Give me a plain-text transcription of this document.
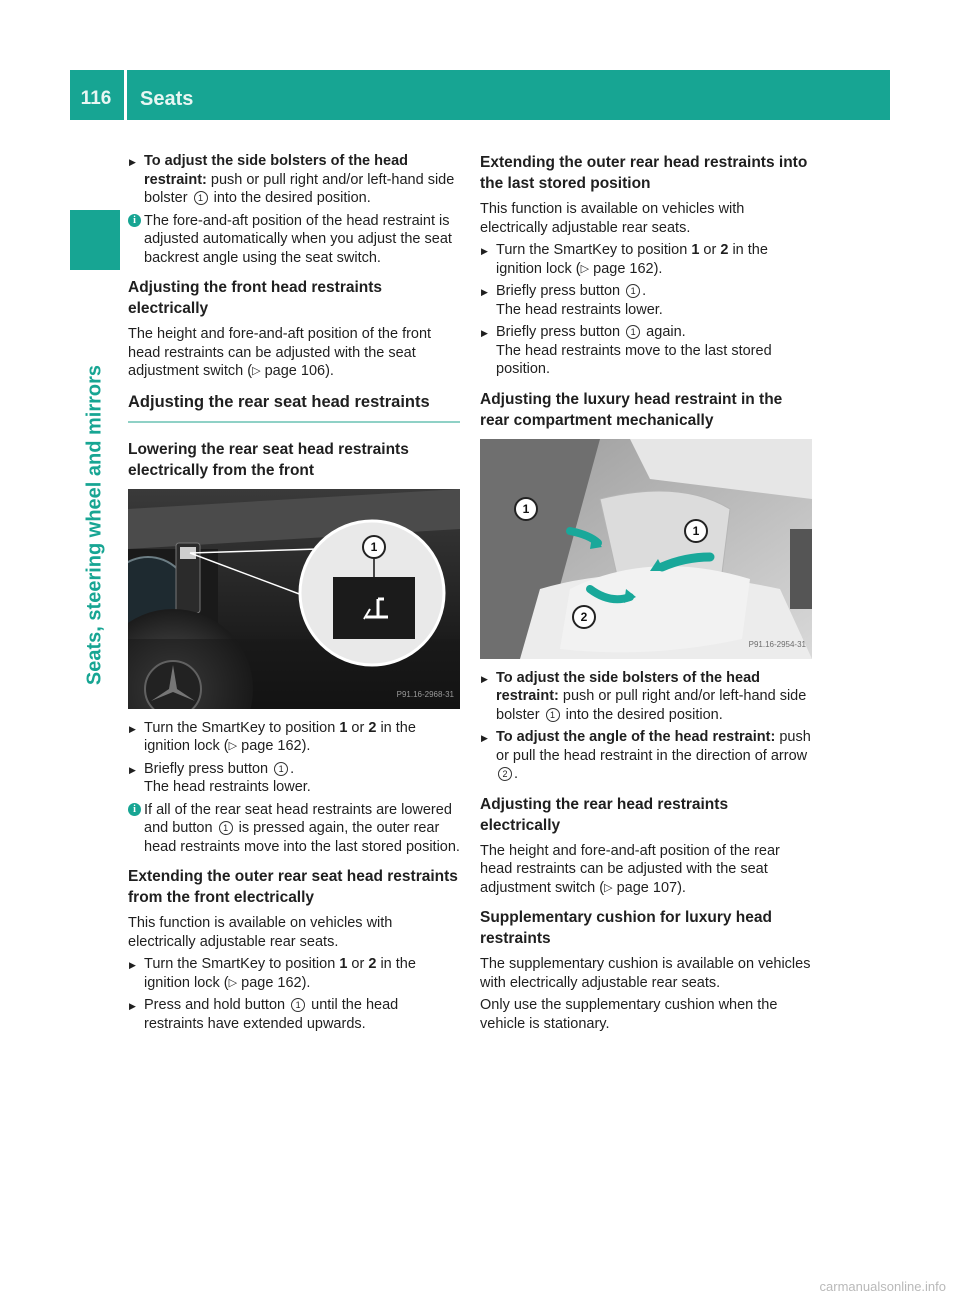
116	Seats
Seats, steering wheel and mirrors
▶ To adjust the side bolsters of the head restraint: push or pull right and/or left-hand side bolster 1 into the desired position.
i The fore-and-aft position of the head restraint is adjusted automatically when you adjust the seat backrest angle using the seat switch.
Adjusting the front head restraints electrically

The height and fore-and-aft position of the front head restraints can be adjusted with the seat adjustment switch (▷ page 106).

Adjusting the rear seat head restraints
Lowering the rear seat head restraints electrically from the front
1
P91.16-2968-31
▶ Turn the SmartKey to position 1 or 2 in the ignition lock (▷ page 162).
▶ Briefly press button 1 .
The head restraints lower.
i If all of the rear seat head restraints are lowered and button 1 is pressed again, the outer rear head restraints move into the last stored position.
Extending the outer rear seat head restraints from the front electrically

This function is available on vehicles with electrically adjustable rear seats.

▶ Turn the SmartKey to position 1 or 2 in the ignition lock (▷ page 162).
▶ Press and hold button 1 until the head restraints have extended upwards.
Extending the outer rear head restraints into the last stored position

This function is available on vehicles with electrically adjustable rear seats.

▶ Turn the SmartKey to position 1 or 2 in the ignition lock (▷ page 162).
▶ Briefly press button 1 .
The head restraints lower.
▶ Briefly press button 1 again.
The head restraints move to the last stored position.
Adjusting the luxury head restraint in the rear compartment mechanically
1
1
2
P91.16-2954-31
▶ To adjust the side bolsters of the head restraint: push or pull right and/or left-hand side bolster 1 into the desired position.
▶ To adjust the angle of the head restraint: push or pull the head restraint in the direction of arrow 2 .
Adjusting the rear head restraints electrically

The height and fore-and-aft position of the rear head restraints can be adjusted with the seat adjustment switch (▷ page 107).

Supplementary cushion for luxury head restraints

The supplementary cushion is available on vehicles with electrically adjustable rear seats.

Only use the supplementary cushion when the vehicle is stationary.

carmanualsonline.info
